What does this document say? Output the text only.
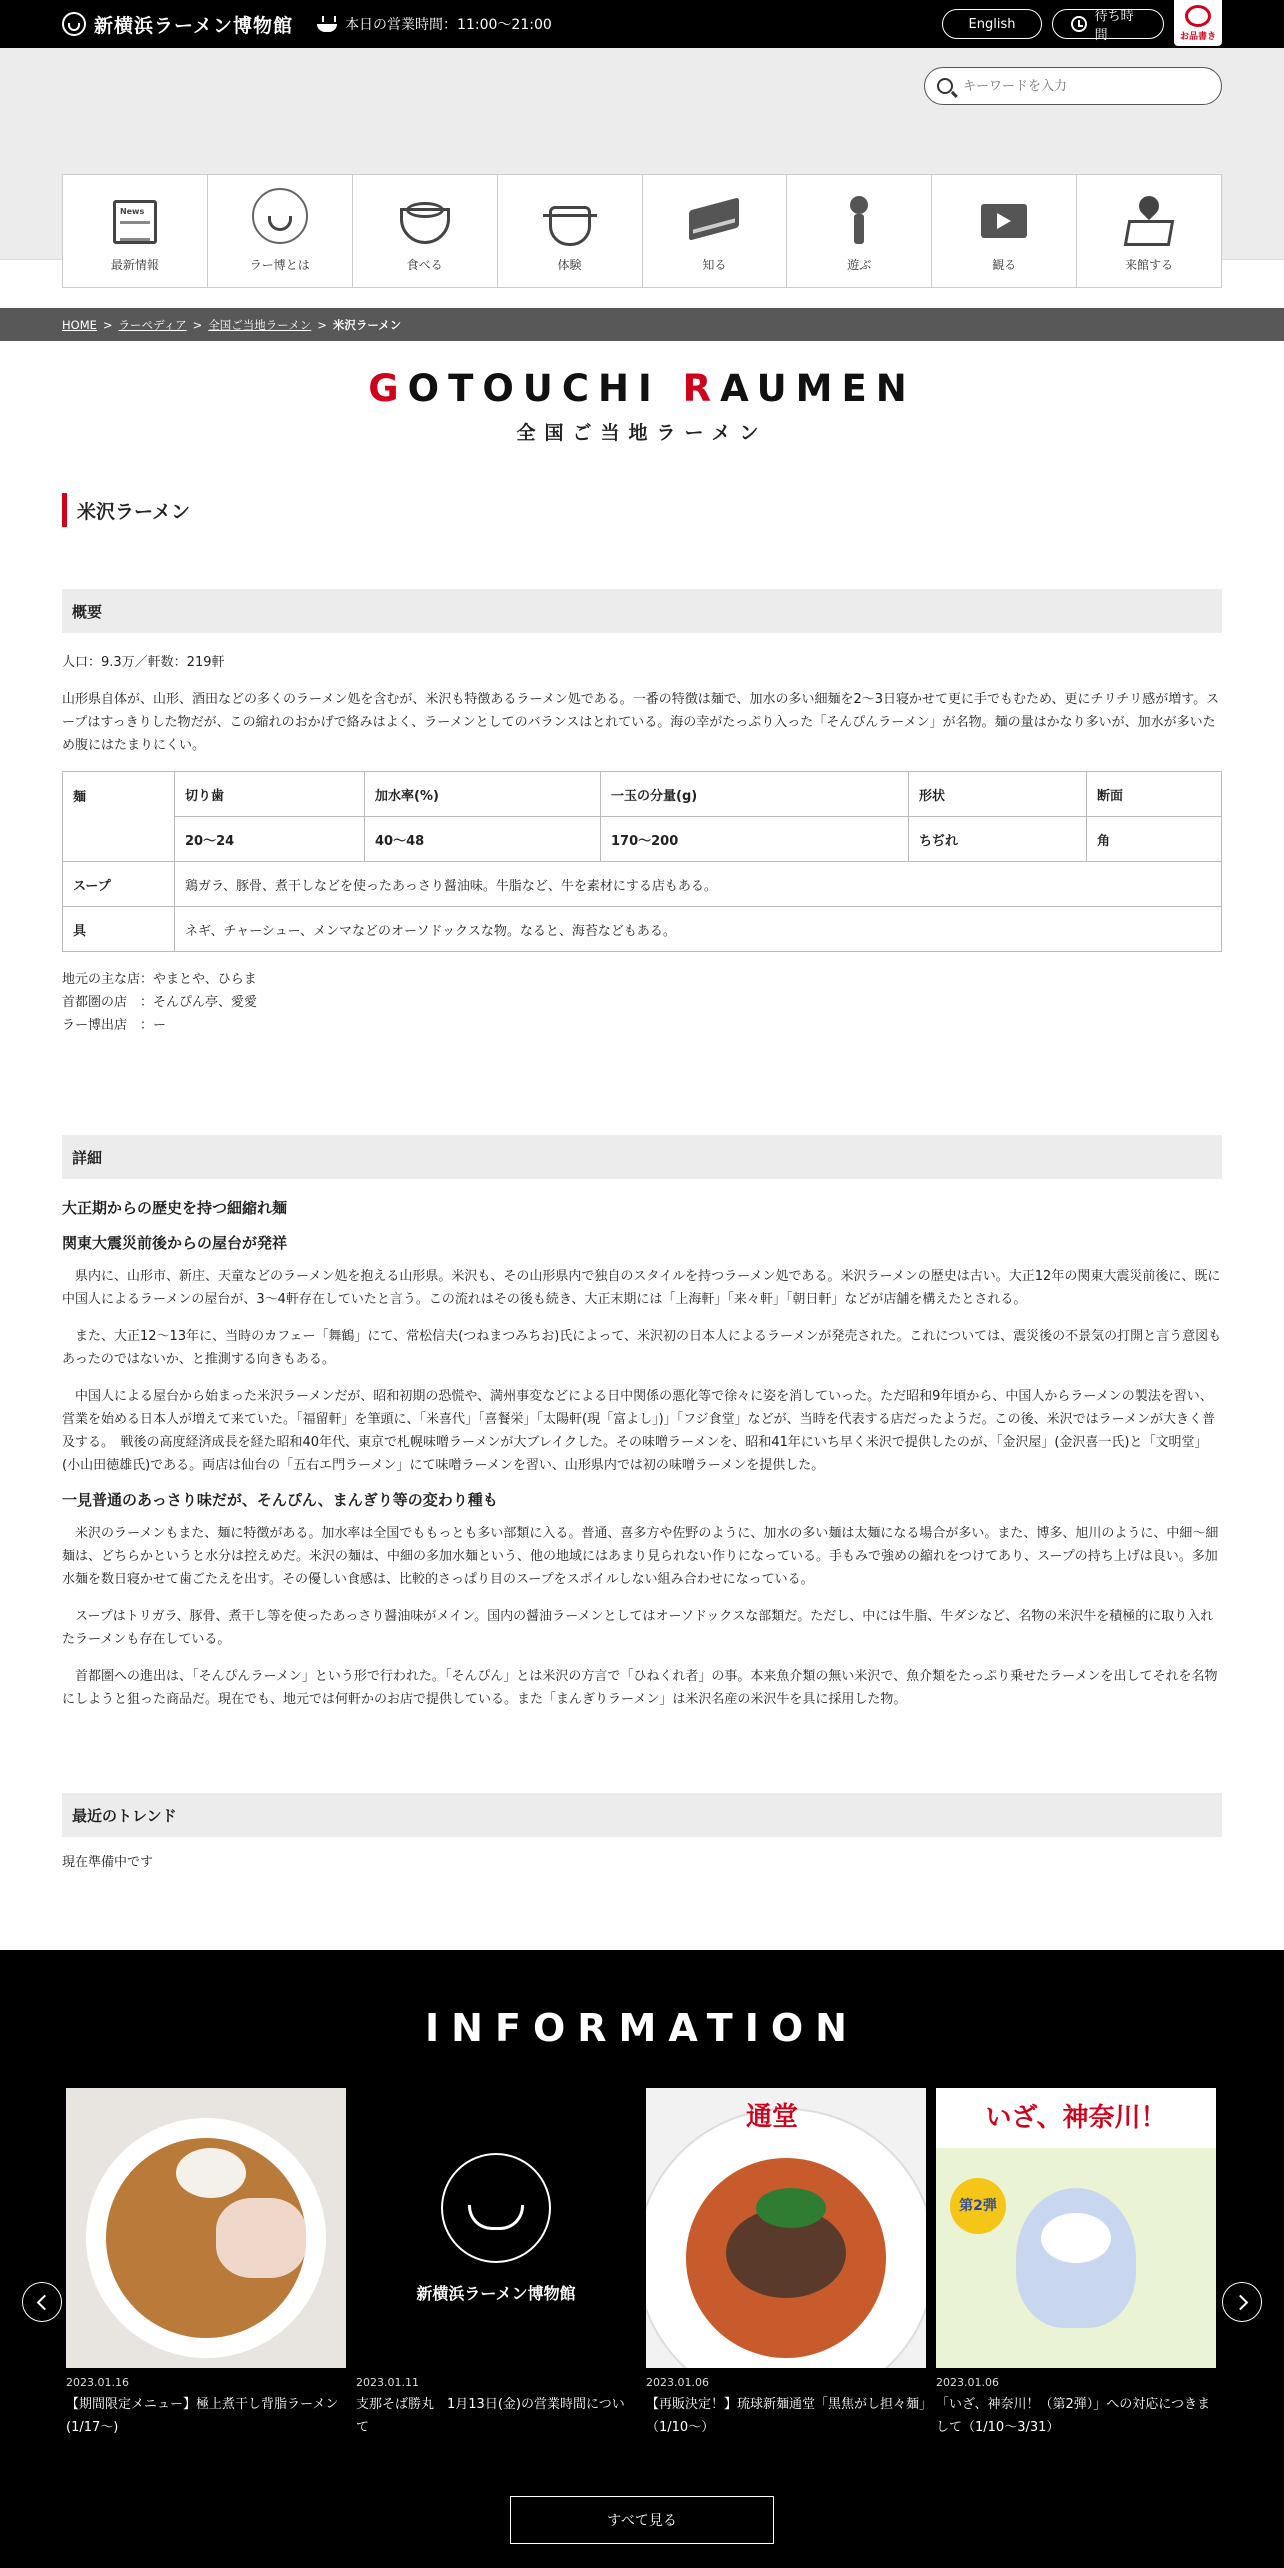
新横浜ラーメン博物館	本日の営業時間：11:00〜21:00	English	待ち時間	お品書き
キーワードを入力
News
最新情報	ラー博とは	食べる	体験	知る	遊ぶ	観る	来館する
HOME > ラーペディア > 全国ご当地ラーメン > 米沢ラーメン
GOTOUCHI RAUMEN
全国ご当地ラーメン
米沢ラーメン
概要
人口：9.3万／軒数：219軒
山形県自体が、山形、酒田などの多くのラーメン処を含むが、米沢も特徴あるラーメン処である。一番の特徴は麺で、加水の多い細麺を2～3日寝かせて更に手でもむため、更にチリチリ感が増す。スープはすっきりした物だが、この縮れのおかげで絡みはよく、ラーメンとしてのバランスはとれている。海の幸がたっぷり入った「そんぴんラーメン」が名物。麺の量はかなり多いが、加水が多いため腹にはたまりにくい。
麺	切り歯	加水率(%)	一玉の分量(g)	形状	断面
	20～24	40～48	170～200	ちぢれ	角
スープ	鶏ガラ、豚骨、煮干しなどを使ったあっさり醤油味。牛脂など、牛を素材にする店もある。				
具	ネギ、チャーシュー、メンマなどのオーソドックスな物。なると、海苔などもある。				
地元の主な店：やまとや、ひらま
首都圏の店　：そんぴん亭、愛愛
ラー博出店　：ー
詳細
大正期からの歴史を持つ細縮れ麺
関東大震災前後からの屋台が発祥
　県内に、山形市、新庄、天童などのラーメン処を抱える山形県。米沢も、その山形県内で独自のスタイルを持つラーメン処である。米沢ラーメンの歴史は古い。大正12年の関東大震災前後に、既に中国人によるラーメンの屋台が、3～4軒存在していたと言う。この流れはその後も続き、大正末期には「上海軒」「来々軒」「朝日軒」などが店舗を構えたとされる。
　また、大正12～13年に、当時のカフェー「舞鶴」にて、常松信夫(つねまつみちお)氏によって、米沢初の日本人によるラーメンが発売された。これについては、震災後の不景気の打開と言う意図もあったのではないか、と推測する向きもある。
　中国人による屋台から始まった米沢ラーメンだが、昭和初期の恐慌や、満州事変などによる日中関係の悪化等で徐々に姿を消していった。ただ昭和9年頃から、中国人からラーメンの製法を習い、営業を始める日本人が増えて来ていた。「福留軒」を筆頭に、「米喜代」「喜餐栄」「太陽軒(現「富よし」)」「フジ食堂」などが、当時を代表する店だったようだ。この後、米沢ではラーメンが大きく普及する。　戦後の高度経済成長を経た昭和40年代、東京で札幌味噌ラーメンが大ブレイクした。その味噌ラーメンを、昭和41年にいち早く米沢で提供したのが、「金沢屋」(金沢喜一氏)と「文明堂」(小山田徳雄氏)である。両店は仙台の「五右エ門ラーメン」にて味噌ラーメンを習い、山形県内では初の味噌ラーメンを提供した。
一見普通のあっさり味だが、そんぴん、まんぎり等の変わり種も
　米沢のラーメンもまた、麺に特徴がある。加水率は全国でももっとも多い部類に入る。普通、喜多方や佐野のように、加水の多い麺は太麺になる場合が多い。また、博多、旭川のように、中細～細麺は、どちらかというと水分は控えめだ。米沢の麺は、中細の多加水麺という、他の地域にはあまり見られない作りになっている。手もみで強めの縮れをつけてあり、スープの持ち上げは良い。多加水麺を数日寝かせて歯ごたえを出す。その優しい食感は、比較的さっぱり目のスープをスポイルしない組み合わせになっている。
　スープはトリガラ、豚骨、煮干し等を使ったあっさり醤油味がメイン。国内の醤油ラーメンとしてはオーソドックスな部類だ。ただし、中には牛脂、牛ダシなど、名物の米沢牛を積極的に取り入れたラーメンも存在している。
　首都圏への進出は、「そんぴんラーメン」という形で行われた。「そんぴん」とは米沢の方言で「ひねくれ者」の事。本来魚介類の無い米沢で、魚介類をたっぷり乗せたラーメンを出してそれを名物にしようと狙った商品だ。現在でも、地元では何軒かのお店で提供している。また「まんぎりラーメン」は米沢名産の米沢牛を具に採用した物。
最近のトレンド
現在準備中です
INFORMATION
2023.01.16
【期間限定メニュー】極上煮干し背脂ラーメン(1/17～)
新横浜ラーメン博物館
2023.01.11
支那そば勝丸　1月13日(金)の営業時間について
通堂
2023.01.06
【再販決定！】琉球新麺通堂「黒焦がし担々麺」（1/10～）
いざ、神奈川！
第2弾
2023.01.06
「いざ、神奈川！（第2弾）」への対応につきまして（1/10～3/31）
すべて見る
